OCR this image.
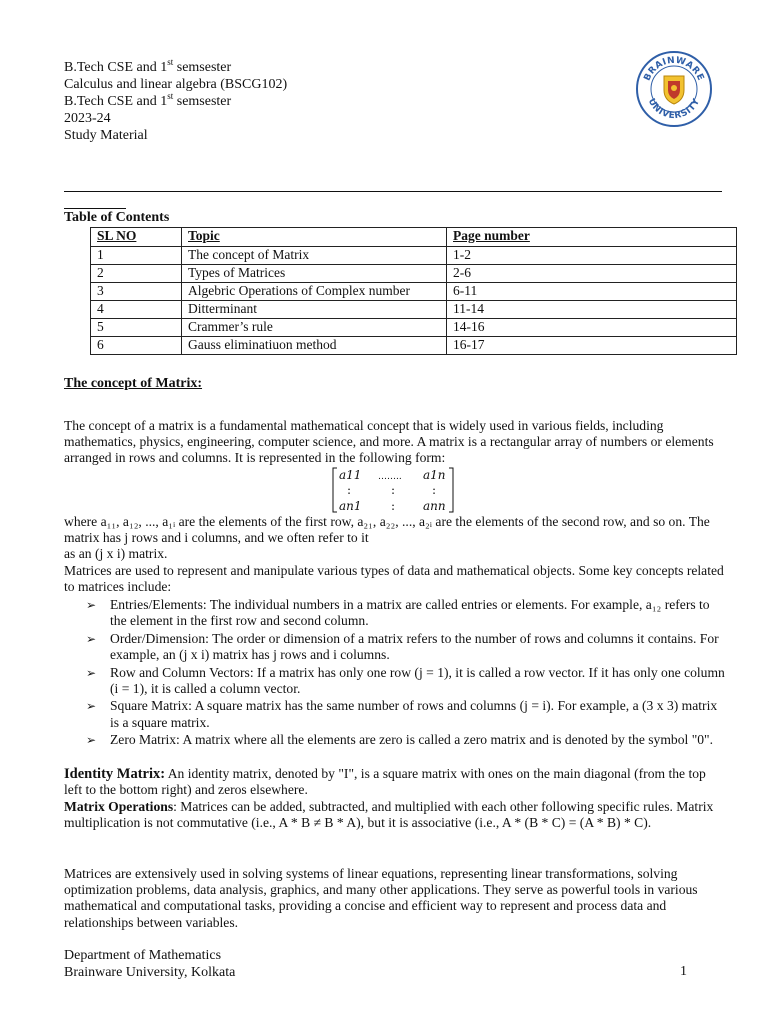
B.Tech CSE and 1st semsester
Calculus and linear algebra (BSCG102)
B.Tech CSE and 1st semsester
2023-24
Study Material
BRAINWARE
UNIVERSITY
Table of Contents
SL NO	Topic	Page number
1	The concept of Matrix	1-2
2	Types of Matrices	2-6
3	Algebric Operations of Complex number	6-11
4	Ditterminant	11-14
5	Crammer’s rule	14-16
6	Gauss eliminatiuon method	16-17
The concept of Matrix:
The concept of a matrix is a fundamental mathematical concept that is widely used in various fields, including mathematics, physics, engineering, computer science, and more. A matrix is a rectangular array of numbers or elements arranged in rows and columns. It is represented in the following form:
a11 …….. a1n
:	:	:
an1 : ann
where a₁₁, a₁₂, ..., a₁ᵢ are the elements of the first row, a₂₁, a₂₂, ..., a₂ᵢ are the elements of the second row, and so on. The matrix has j rows and i columns, and we often refer to it
as an (j x i) matrix.
Matrices are used to represent and manipulate various types of data and mathematical objects. Some key concepts related to matrices include:
➢ Entries/Elements: The individual numbers in a matrix are called entries or elements. For example, a₁₂ refers to the element in the first row and second column.
➢ Order/Dimension: The order or dimension of a matrix refers to the number of rows and columns it contains. For example, an (j x i) matrix has j rows and i columns.
➢ Row and Column Vectors: If a matrix has only one row (j = 1), it is called a row vector. If it has only one column (i = 1), it is called a column vector.
➢ Square Matrix: A square matrix has the same number of rows and columns (j = i). For example, a (3 x 3) matrix is a square matrix.
➢ Zero Matrix: A matrix where all the elements are zero is called a zero matrix and is denoted by the symbol "0".
Identity Matrix: An identity matrix, denoted by "I", is a square matrix with ones on the main diagonal (from the top left to the bottom right) and zeros elsewhere.
Matrix Operations: Matrices can be added, subtracted, and multiplied with each other following specific rules. Matrix multiplication is not commutative (i.e., A * B ≠ B * A), but it is associative (i.e., A * (B * C) = (A * B) * C).
Matrices are extensively used in solving systems of linear equations, representing linear transformations, solving optimization problems, data analysis, graphics, and many other applications. They serve as powerful tools in various mathematical and computational tasks, providing a concise and efficient way to represent and process data and relationships between variables.
Department of Mathematics
Brainware University, Kolkata	1
